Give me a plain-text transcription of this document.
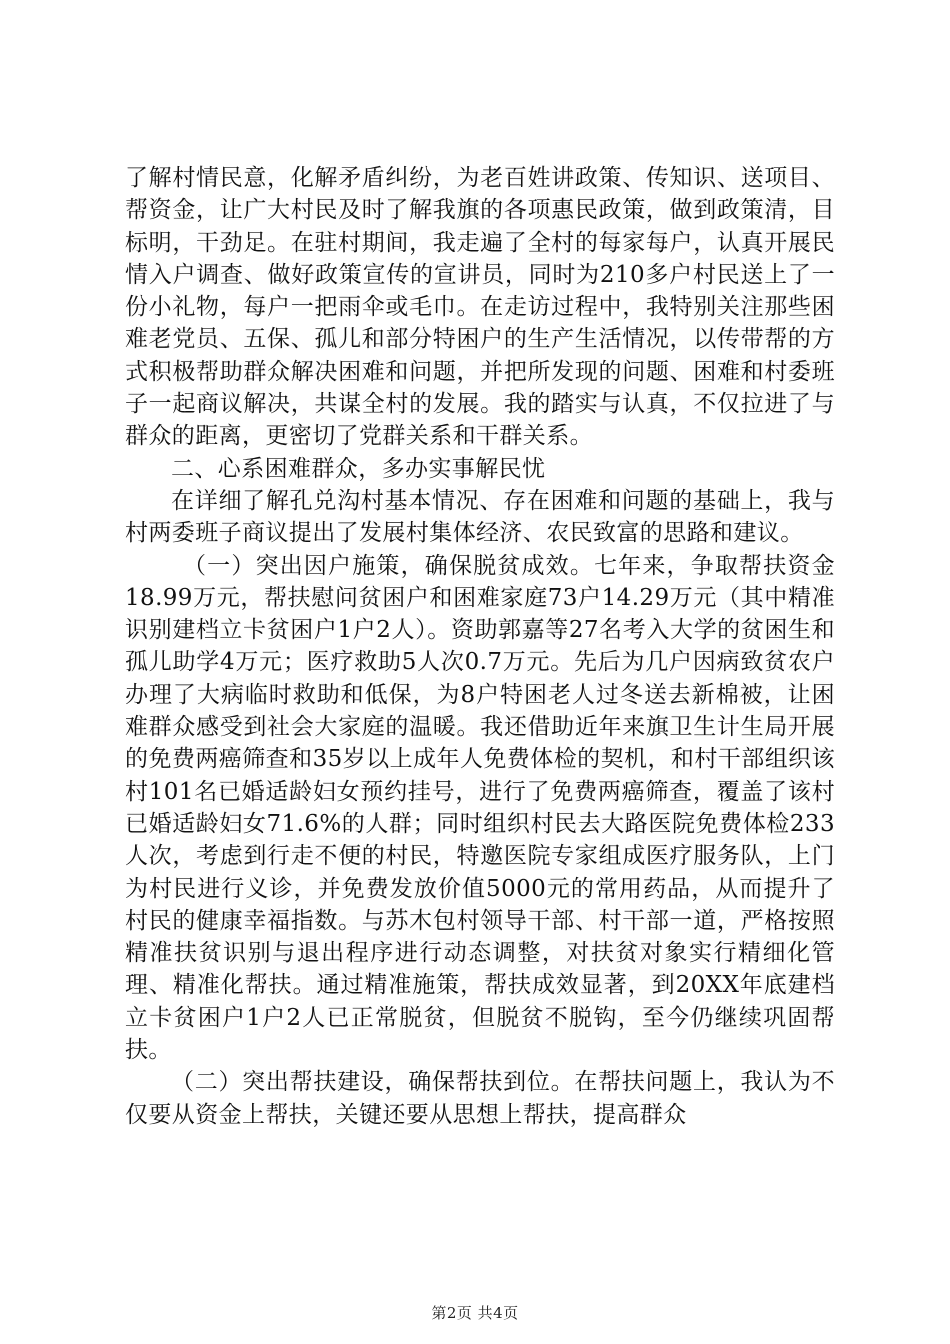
了解村情民意，化解矛盾纠纷，为老百姓讲政策、传知识、送项目、帮资金，让广大村民及时了解我旗的各项惠民政策，做到政策清，目标明，干劲足。在驻村期间，我走遍了全村的每家每户，认真开展民情入户调查、做好政策宣传的宣讲员，同时为210多户村民送上了一份小礼物，每户一把雨伞或毛巾。在走访过程中，我特别关注那些困难老党员、五保、孤儿和部分特困户的生产生活情况，以传带帮的方式积极帮助群众解决困难和问题，并把所发现的问题、困难和村委班子一起商议解决，共谋全村的发展。我的踏实与认真，不仅拉进了与群众的距离，更密切了党群关系和干群关系。

二、心系困难群众，多办实事解民忧

在详细了解孔兑沟村基本情况、存在困难和问题的基础上，我与村两委班子商议提出了发展村集体经济、农民致富的思路和建议。

（一）突出因户施策，确保脱贫成效。七年来，争取帮扶资金18.99万元，帮扶慰问贫困户和困难家庭73户14.29万元（其中精准识别建档立卡贫困户1户2人）。资助郭嘉等27名考入大学的贫困生和孤儿助学4万元；医疗救助5人次0.7万元。先后为几户因病致贫农户办理了大病临时救助和低保，为8户特困老人过冬送去新棉被，让困难群众感受到社会大家庭的温暖。我还借助近年来旗卫生计生局开展的免费两癌筛查和35岁以上成年人免费体检的契机，和村干部组织该村101名已婚适龄妇女预约挂号，进行了免费两癌筛查，覆盖了该村已婚适龄妇女71.6%的人群；同时组织村民去大路医院免费体检233人次，考虑到行走不便的村民，特邀医院专家组成医疗服务队，上门为村民进行义诊，并免费发放价值5000元的常用药品，从而提升了村民的健康幸福指数。与苏木包村领导干部、村干部一道，严格按照精准扶贫识别与退出程序进行动态调整，对扶贫对象实行精细化管理、精准化帮扶。通过精准施策，帮扶成效显著，到20XX年底建档立卡贫困户1户2人已正常脱贫，但脱贫不脱钩，至今仍继续巩固帮扶。

（二）突出帮扶建设，确保帮扶到位。在帮扶问题上，我认为不仅要从资金上帮扶，关键还要从思想上帮扶，提高群众

第2页 共4页
